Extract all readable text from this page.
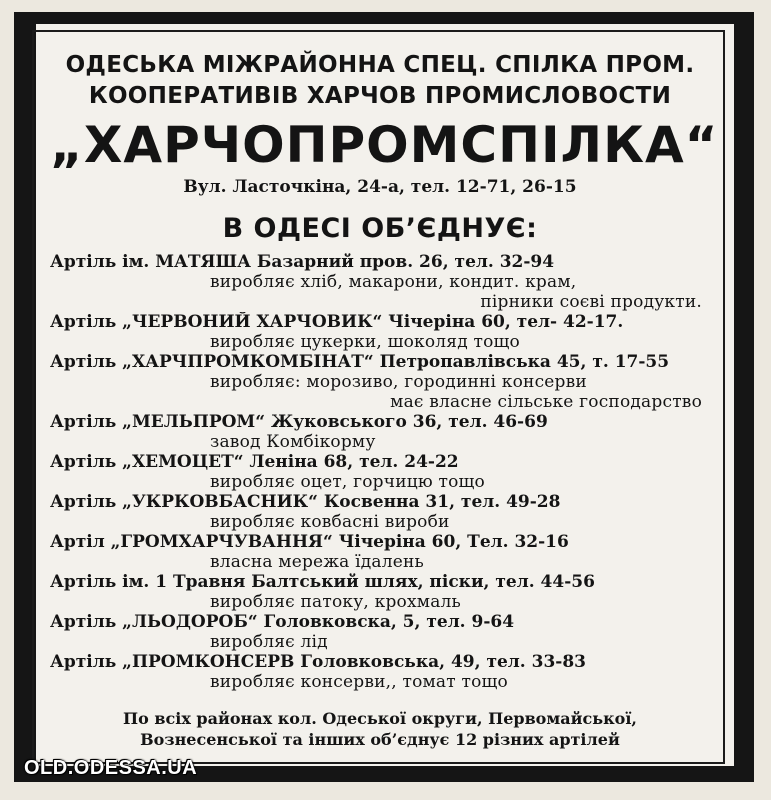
ОДЕСЬКА МІЖРАЙОННА СПЕЦ. СПІЛКА ПРОМ.
КООПЕРАТИВІВ ХАРЧОВ ПРОМИСЛОВОСТИ
„ХАРЧОПРОМСПІЛКА“
Вул. Ласточкіна, 24-а, тел. 12-71, 26-15
В ОДЕСІ ОБ’ЄДНУЄ:
Артіль ім. МАТЯША Базарний пров. 26, тел. 32-94
виробляє хліб, макарони, кондит. крам,
пірники соєві продукти.
Артіль „ЧЕРВОНИЙ ХАРЧОВИК“ Чічеріна 60, тел- 42-17.
виробляє цукерки, шоколяд тощо
Артіль „ХАРЧПРОМКОМБІНАТ“ Петропавлівська 45, т. 17-55
виробляє: морозиво, городинні консерви
має власне сільське господарство
Артіль „МЕЛЬПРОМ“ Жуковського 36, тел. 46-69
завод Комбікорму
Артіль „ХЕМОЦЕТ“ Леніна 68, тел. 24-22
виробляє оцет, горчицю тощо
Артіль „УКРКОВБАСНИК“ Косвенна 31, тел. 49-28
виробляє ковбасні вироби
Артіл „ГРОМХАРЧУВАННЯ“ Чічеріна 60, Тел. 32-16
власна мережа їдалень
Артіль ім. 1 Травня Балтський шлях, піски, тел. 44-56
виробляє патоку, крохмаль
Артіль „ЛЬОДОРОБ“ Головковска, 5, тел. 9-64
виробляє лід
Артіль „ПРОМКОНСЕРВ Головковська, 49, тел. 33-83
виробляє консерви,, томат тощо
По всіх районах кол. Одеської округи, Первомайської,
Вознесенської та інших об’єднує 12 різних артілей
OLD.ODESSA.UA
